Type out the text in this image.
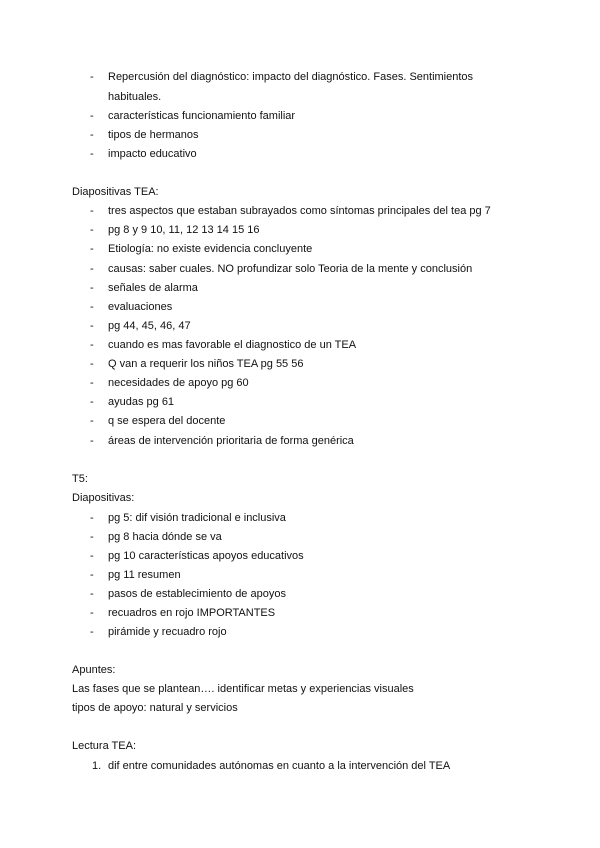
- Repercusión del diagnóstico: impacto del diagnóstico. Fases. Sentimientos
habituales.
- características funcionamiento familiar
- tipos de hermanos
- impacto educativo
Diapositivas TEA:
- tres aspectos que estaban subrayados como síntomas principales del tea pg 7
- pg 8 y 9 10, 11, 12 13 14 15 16
- Etiología: no existe evidencia concluyente
- causas: saber cuales. NO profundizar solo Teoria de la mente y conclusión
- señales de alarma
- evaluaciones
- pg 44, 45, 46, 47
- cuando es mas favorable el diagnostico de un TEA
- Q van a requerir los niños TEA pg 55 56
- necesidades de apoyo pg 60
- ayudas pg 61
- q se espera del docente
- áreas de intervención prioritaria de forma genérica
T5:
Diapositivas:
- pg 5: dif visión tradicional e inclusiva
- pg 8 hacia dónde se va
- pg 10 características apoyos educativos
- pg 11 resumen
- pasos de establecimiento de apoyos
- recuadros en rojo IMPORTANTES
- pirámide y recuadro rojo
Apuntes:
Las fases que se plantean…. identificar metas y experiencias visuales
tipos de apoyo: natural y servicios
Lectura TEA:
1. dif entre comunidades autónomas en cuanto a la intervención del TEA
